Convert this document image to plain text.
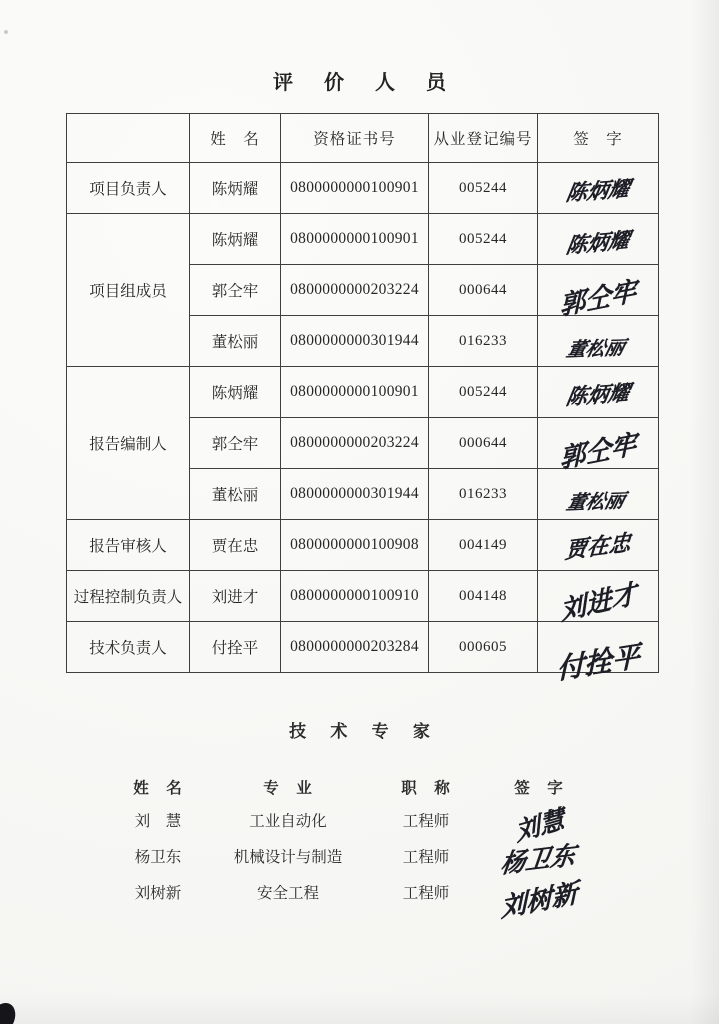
评 价 人 员
	姓　名	资格证书号	从业登记编号	签　字
项目负责人	陈炳耀	0800000000100901	005244	陈炳耀
项目组成员	陈炳耀	0800000000100901	005244	陈炳耀
	郭仝牢	0800000000203224	000644	郭仝牢
	董松丽	0800000000301944	016233	董松丽
报告编制人	陈炳耀	0800000000100901	005244	陈炳耀
	郭仝牢	0800000000203224	000644	郭仝牢
	董松丽	0800000000301944	016233	董松丽
报告审核人	贾在忠	0800000000100908	004149	贾在忠
过程控制负责人	刘进才	0800000000100910	004148	刘进才
技术负责人	付拴平	0800000000203284	000605	付拴平
技 术 专 家
姓　名	专　业	职　称	签　字
刘　慧	工业自动化	工程师	刘慧
杨卫东	机械设计与制造	工程师	杨卫东
刘树新	安全工程	工程师	刘树新
